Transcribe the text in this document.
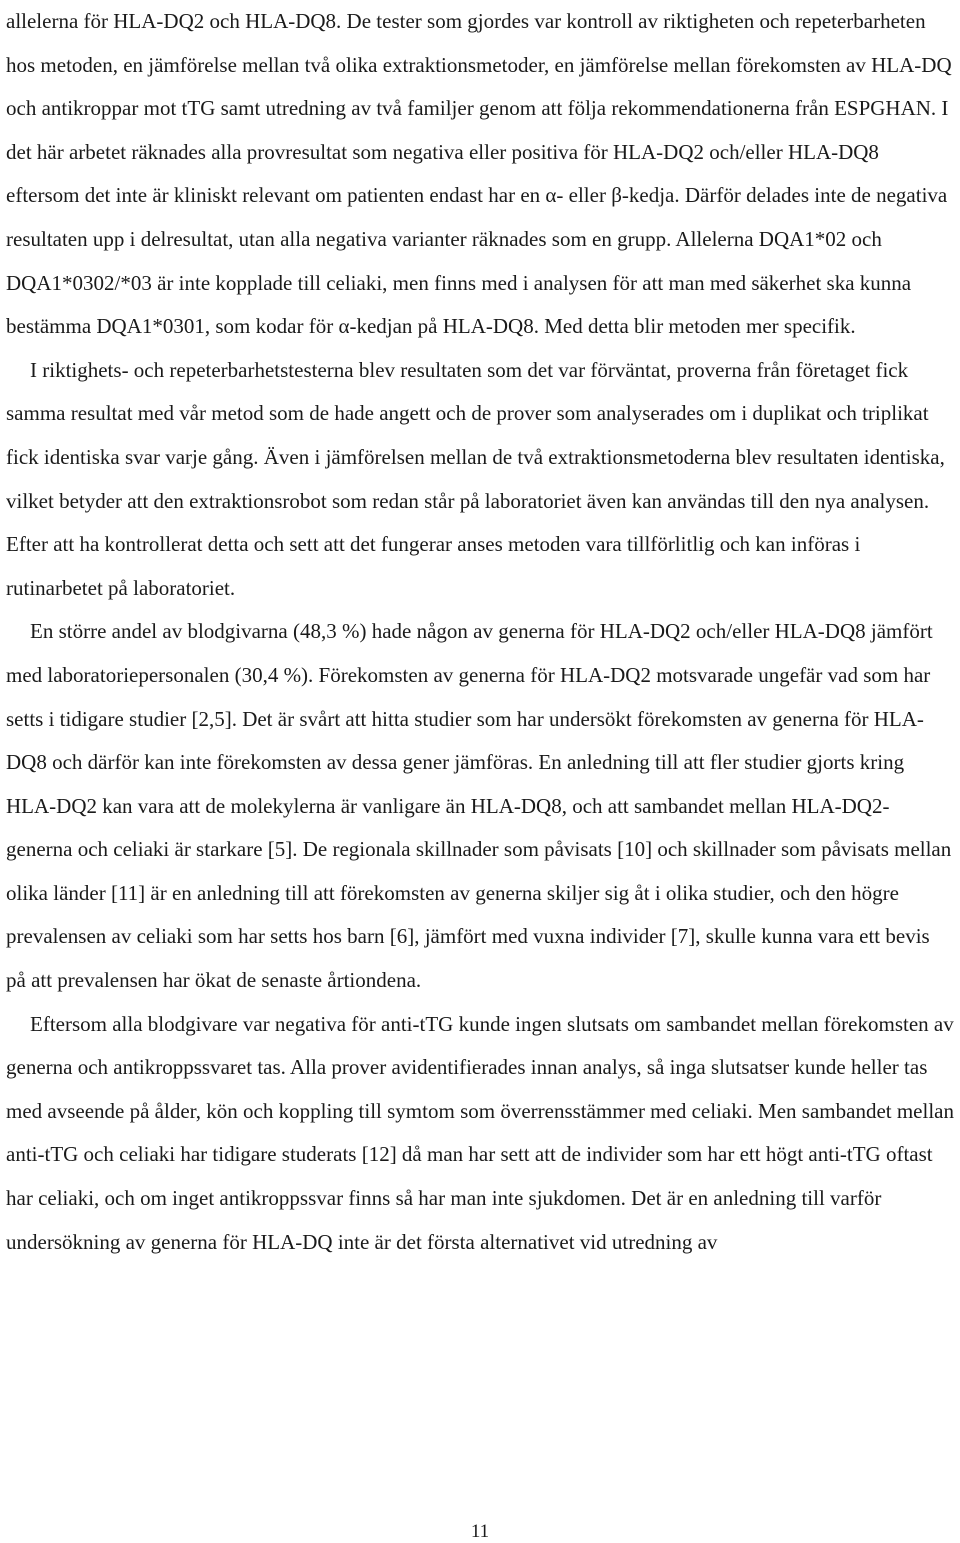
allelerna för HLA-DQ2 och HLA-DQ8. De tester som gjordes var kontroll av riktigheten och repeterbarheten hos metoden, en jämförelse mellan två olika extraktionsmetoder, en jämförelse mellan förekomsten av HLA-DQ och antikroppar mot tTG samt utredning av två familjer genom att följa rekommendationerna från ESPGHAN. I det här arbetet räknades alla provresultat som negativa eller positiva för HLA-DQ2 och/eller HLA-DQ8 eftersom det inte är kliniskt relevant om patienten endast har en α- eller β-kedja. Därför delades inte de negativa resultaten upp i delresultat, utan alla negativa varianter räknades som en grupp. Allelerna DQA1*02 och DQA1*0302/*03 är inte kopplade till celiaki, men finns med i analysen för att man med säkerhet ska kunna bestämma DQA1*0301, som kodar för α-kedjan på HLA-DQ8. Med detta blir metoden mer specifik.

I riktighets- och repeterbarhetstesterna blev resultaten som det var förväntat, proverna från företaget fick samma resultat med vår metod som de hade angett och de prover som analyserades om i duplikat och triplikat fick identiska svar varje gång. Även i jämförelsen mellan de två extraktionsmetoderna blev resultaten identiska, vilket betyder att den extraktionsrobot som redan står på laboratoriet även kan användas till den nya analysen. Efter att ha kontrollerat detta och sett att det fungerar anses metoden vara tillförlitlig och kan införas i rutinarbetet på laboratoriet.

En större andel av blodgivarna (48,3 %) hade någon av generna för HLA-DQ2 och/eller HLA-DQ8 jämfört med laboratoriepersonalen (30,4 %). Förekomsten av generna för HLA-DQ2 motsvarade ungefär vad som har setts i tidigare studier [2,5]. Det är svårt att hitta studier som har undersökt förekomsten av generna för HLA-DQ8 och därför kan inte förekomsten av dessa gener jämföras. En anledning till att fler studier gjorts kring HLA-DQ2 kan vara att de molekylerna är vanligare än HLA-DQ8, och att sambandet mellan HLA-DQ2-generna och celiaki är starkare [5]. De regionala skillnader som påvisats [10] och skillnader som påvisats mellan olika länder [11] är en anledning till att förekomsten av generna skiljer sig åt i olika studier, och den högre prevalensen av celiaki som har setts hos barn [6], jämfört med vuxna individer [7], skulle kunna vara ett bevis på att prevalensen har ökat de senaste årtiondena.

Eftersom alla blodgivare var negativa för anti-tTG kunde ingen slutsats om sambandet mellan förekomsten av generna och antikroppssvaret tas. Alla prover avidentifierades innan analys, så inga slutsatser kunde heller tas med avseende på ålder, kön och koppling till symtom som överrensstämmer med celiaki. Men sambandet mellan anti-tTG och celiaki har tidigare studerats [12] då man har sett att de individer som har ett högt anti-tTG oftast har celiaki, och om inget antikroppssvar finns så har man inte sjukdomen. Det är en anledning till varför undersökning av generna för HLA-DQ inte är det första alternativet vid utredning av

11
